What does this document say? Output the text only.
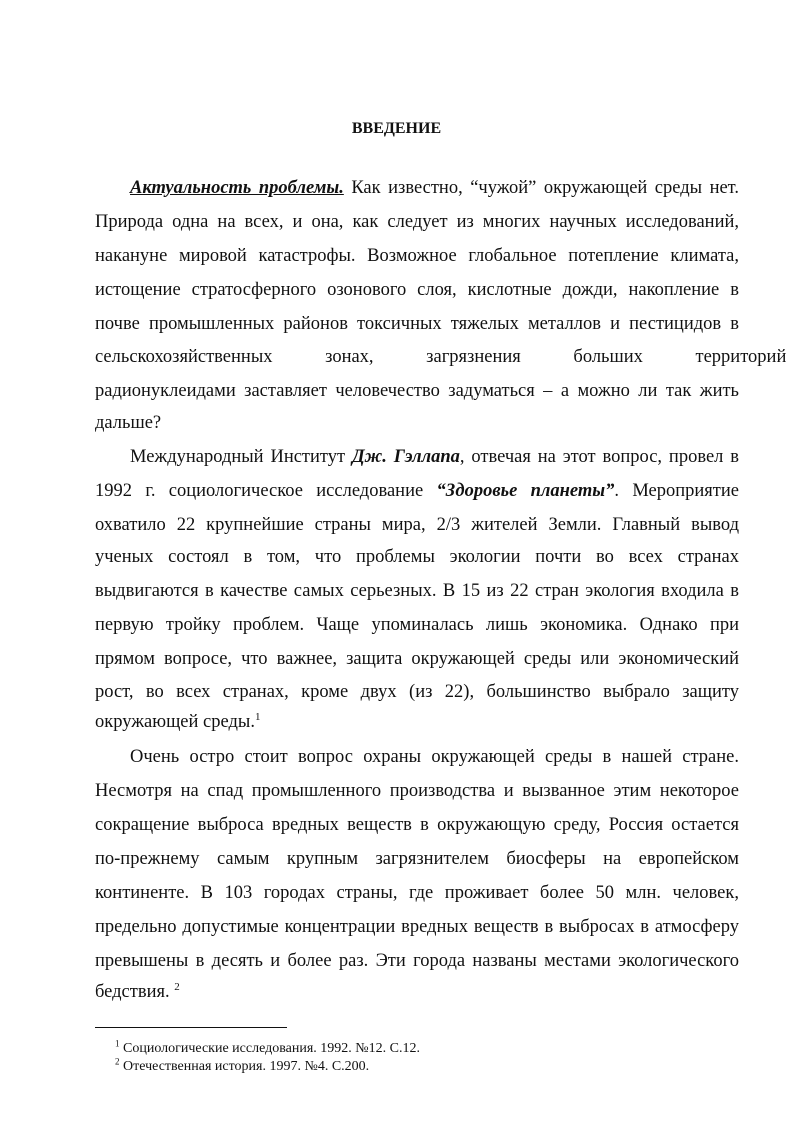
ВВЕДЕНИЕ
Актуальность проблемы. Как известно, “чужой” окружающей среды нет.
Природа одна на всех, и она, как следует из многих научных исследований,
накануне мировой катастрофы. Возможное глобальное потепление климата,
истощение стратосферного озонового слоя, кислотные дожди, накопление в
почве промышленных районов токсичных тяжелых металлов и пестицидов в
сельскохозяйственных зонах, загрязнения больших территорий
радионуклеидами заставляет человечество задуматься – а можно ли так жить
дальше?
Международный Институт Дж. Гэллапа, отвечая на этот вопрос, провел в
1992 г. социологическое исследование “Здоровье планеты”. Мероприятие
охватило 22 крупнейшие страны мира, 2/3 жителей Земли. Главный вывод
ученых состоял в том, что проблемы экологии почти во всех странах
выдвигаются в качестве самых серьезных. В 15 из 22 стран экология входила в
первую тройку проблем. Чаще упоминалась лишь экономика. Однако при
прямом вопросе, что важнее, защита окружающей среды или экономический
рост, во всех странах, кроме двух (из 22), большинство выбрало защиту
окружающей среды.$^1$
Очень остро стоит вопрос охраны окружающей среды в нашей стране.
Несмотря на спад промышленного производства и вызванное этим некоторое
сокращение выброса вредных веществ в окружающую среду, Россия остается
по-прежнему самым крупным загрязнителем биосферы на европейском
континенте. В 103 городах страны, где проживает более 50 млн. человек,
предельно допустимые концентрации вредных веществ в выбросах в атмосферу
превышены в десять и более раз. Эти города названы местами экологического
бедствия. $^2$
$^1$ Социологические исследования. 1992. №12. С.12.
$^2$ Отечественная история. 1997. №4. С.200.
